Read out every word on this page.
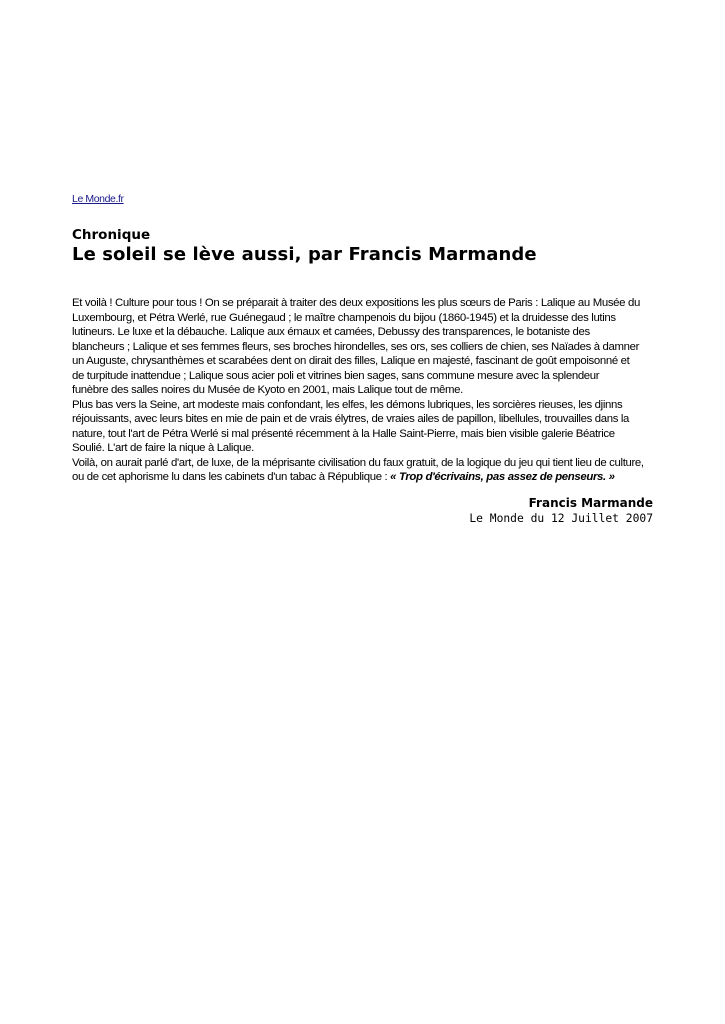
Le Monde.fr
Chronique
Le soleil se lève aussi, par Francis Marmande
Et voilà ! Culture pour tous ! On se préparait à traiter des deux expositions les plus sœurs de Paris : Lalique au Musée du
Luxembourg, et Pétra Werlé, rue Guénegaud ; le maître champenois du bijou (1860-1945) et la druidesse des lutins
lutineurs. Le luxe et la débauche. Lalique aux émaux et camées, Debussy des transparences, le botaniste des
blancheurs ; Lalique et ses femmes fleurs, ses broches hirondelles, ses ors, ses colliers de chien, ses Naïades à damner
un Auguste, chrysanthèmes et scarabées dent on dirait des filles, Lalique en majesté, fascinant de goût empoisonné et
de turpitude inattendue ; Lalique sous acier poli et vitrines bien sages, sans commune mesure avec la splendeur
funèbre des salles noires du Musée de Kyoto en 2001, mais Lalique tout de même.
Plus bas vers la Seine, art modeste mais confondant, les elfes, les démons lubriques, les sorcières rieuses, les djinns
réjouissants, avec leurs bites en mie de pain et de vrais élytres, de vraies ailes de papillon, libellules, trouvailles dans la
nature, tout l'art de Pétra Werlé si mal présenté récemment à la Halle Saint-Pierre, mais bien visible galerie Béatrice
Soulié. L'art de faire la nique à Lalique.
Voilà, on aurait parlé d'art, de luxe, de la méprisante civilisation du faux gratuit, de la logique du jeu qui tient lieu de culture,
ou de cet aphorisme lu dans les cabinets d'un tabac à République : « Trop d'écrivains, pas assez de penseurs. »
Francis Marmande
Le Monde du 12 Juillet 2007
